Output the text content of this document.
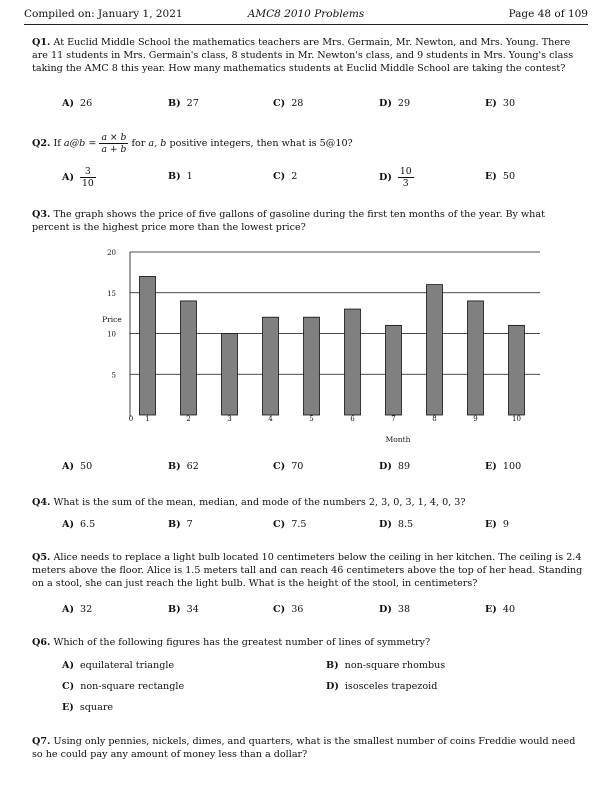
Compiled on: January 1, 2021	AMC8 2010 Problems	Page 48 of 109
Q1. At Euclid Middle School the mathematics teachers are Mrs. Germain, Mr. Newton, and Mrs. Young. There are 11 students in Mrs. Germain's class, 8 students in Mr. Newton's class, and 9 students in Mrs. Young's class taking the AMC 8 this year. How many mathematics students at Euclid Middle School are taking the contest?
A) 26	B) 27	C) 28	D) 29	E) 30
Q2. If a@b = $\frac{a \times b}{a + b}$ for a, b positive integers, then what is 5@10?
$A) \frac{3}{10}$	B) 1	C) 2	$D) \frac{10}{3}$	E) 50
Q3. The graph shows the price of five gallons of gasoline during the first ten months of the year. By what percent is the highest price more than the lowest price?
5
10
15
20
0 1	2	3	4	5	6	7	8	9	10
Price
Month
A) 50	B) 62	C) 70	D) 89	E) 100
Q4. What is the sum of the mean, median, and mode of the numbers 2, 3, 0, 3, 1, 4, 0, 3?
A) 6.5	B) 7	C) 7.5	D) 8.5	E) 9
Q5. Alice needs to replace a light bulb located 10 centimeters below the ceiling in her kitchen. The ceiling is 2.4 meters above the floor. Alice is 1.5 meters tall and can reach 46 centimeters above the top of her head. Standing on a stool, she can just reach the light bulb. What is the height of the stool, in centimeters?
A) 32	B) 34	C) 36	D) 38	E) 40
Q6. Which of the following figures has the greatest number of lines of symmetry?
A) equilateral triangle	B) non-square rhombus
C) non-square rectangle	D) isosceles trapezoid
E) square
Q7. Using only pennies, nickels, dimes, and quarters, what is the smallest number of coins Freddie would need so he could pay any amount of money less than a dollar?
